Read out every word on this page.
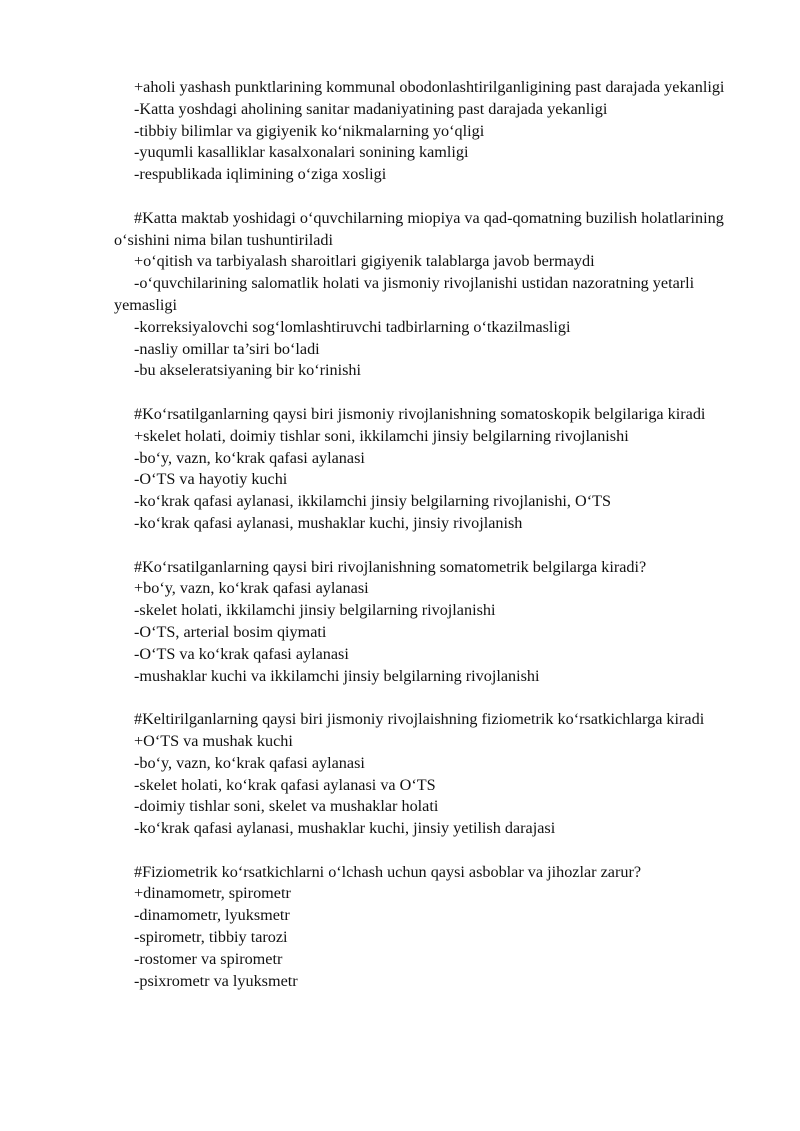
+aholi yashash punktlarining kommunal obodonlashtirilganligining past darajada yekanligi

-Katta yoshdagi aholining sanitar madaniyatining past darajada yekanligi

-tibbiy bilimlar va gigiyenik ko‘nikmalarning yo‘qligi

-yuqumli kasalliklar kasalxonalari sonining kamligi

-respublikada iqlimining o‘ziga xosligi

#Katta maktab yoshidagi o‘quvchilarning miopiya va qad-qomatning buzilish holatlarining o‘sishini nima bilan tushuntiriladi

+o‘qitish va tarbiyalash sharoitlari gigiyenik talablarga javob bermaydi

-o‘quvchilarining salomatlik holati va jismoniy rivojlanishi ustidan nazoratning yetarli yemasligi

-korreksiyalovchi sog‘lomlashtiruvchi tadbirlarning o‘tkazilmasligi

-nasliy omillar ta’siri bo‘ladi

-bu akseleratsiyaning bir ko‘rinishi

#Ko‘rsatilganlarning qaysi biri jismoniy rivojlanishning somatoskopik belgilariga kiradi

+skelet holati, doimiy tishlar soni, ikkilamchi jinsiy belgilarning rivojlanishi

-bo‘y, vazn, ko‘krak qafasi aylanasi

-O‘TS va hayotiy kuchi

-ko‘krak qafasi aylanasi, ikkilamchi jinsiy belgilarning rivojlanishi, O‘TS

-ko‘krak qafasi aylanasi, mushaklar kuchi, jinsiy rivojlanish

#Ko‘rsatilganlarning qaysi biri rivojlanishning somatometrik belgilarga kiradi?

+bo‘y, vazn, ko‘krak qafasi aylanasi

-skelet holati, ikkilamchi jinsiy belgilarning rivojlanishi

-O‘TS, arterial bosim qiymati

-O‘TS va ko‘krak qafasi aylanasi

-mushaklar kuchi va ikkilamchi jinsiy belgilarning rivojlanishi

#Keltirilganlarning qaysi biri jismoniy rivojlaishning fiziometrik ko‘rsatkichlarga kiradi

+O‘TS va mushak kuchi

-bo‘y, vazn, ko‘krak qafasi aylanasi

-skelet holati, ko‘krak qafasi aylanasi va O‘TS

-doimiy tishlar soni, skelet va mushaklar holati

-ko‘krak qafasi aylanasi, mushaklar kuchi, jinsiy yetilish darajasi

#Fiziometrik ko‘rsatkichlarni o‘lchash uchun qaysi asboblar va jihozlar zarur?

+dinamometr, spirometr

-dinamometr, lyuksmetr

-spirometr, tibbiy tarozi

-rostomer va spirometr

-psixrometr va lyuksmetr
